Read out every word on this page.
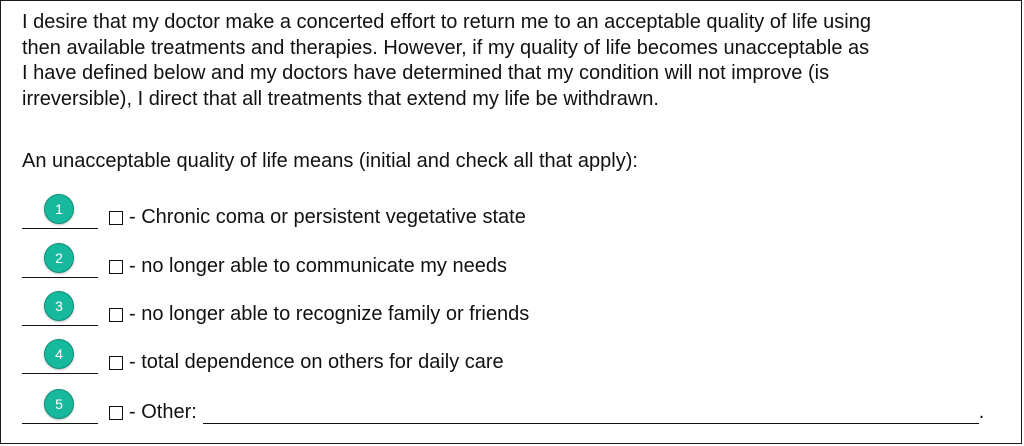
I desire that my doctor make a concerted effort to return me to an acceptable quality of life using
then available treatments and therapies. However, if my quality of life becomes unacceptable as
I have defined below and my doctors have determined that my condition will not improve (is
irreversible), I direct that all treatments that extend my life be withdrawn.

An unacceptable quality of life means (initial and check all that apply):

1	- Chronic coma or persistent vegetative state
2	- no longer able to communicate my needs
3	- no longer able to recognize family or friends
4	- total dependence on others for daily care
5	- Other:	.
